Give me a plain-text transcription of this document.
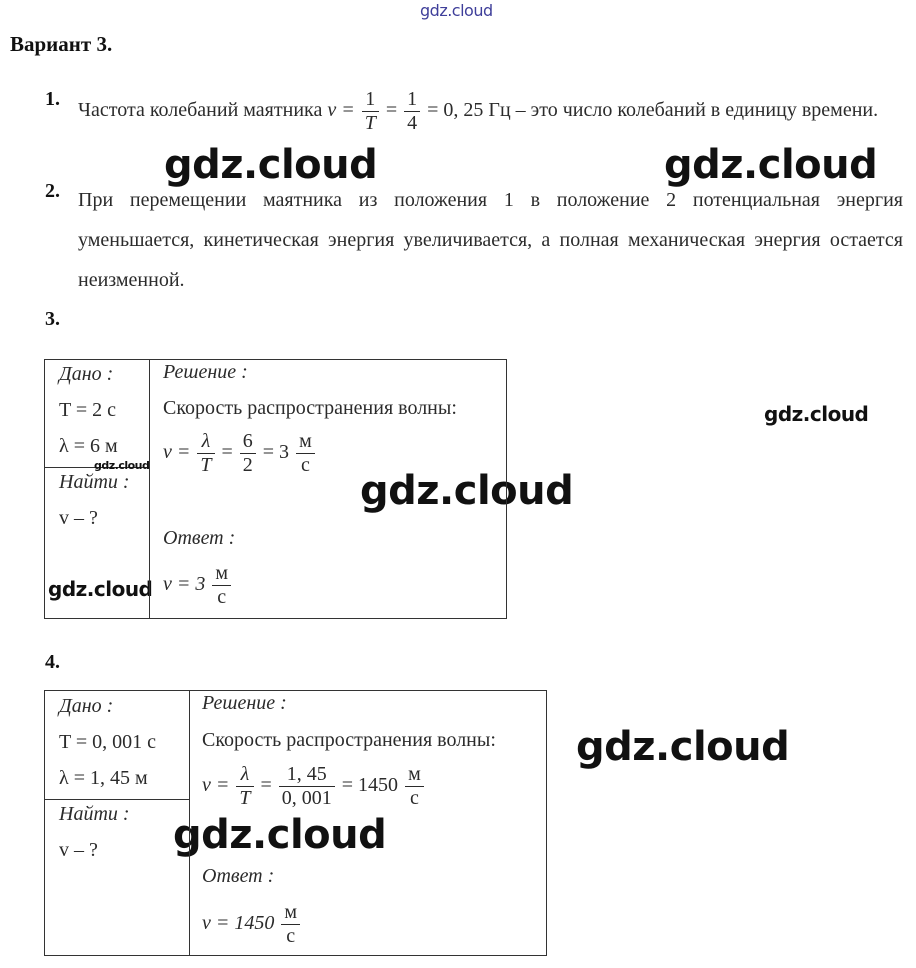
gdz.cloud
gdz.cloud	gdz.cloud
gdz.cloud
gdz.cloud
gdz.cloud
gdz.cloud
gdz.cloud
Вариант 3.
1.
Частота колебаний маятника $\nu = \frac{1}{T} = \frac{1}{4} = 0$, 25 Гц – это число колебаний в единицу времени.
2. При перемещении маятника из положения 1 в положение 2 потенциальная энергия уменьшается, кинетическая энергия увеличивается, а полная механическая энергия остается неизменной.
3.
Дано :
T = 2 с
λ = 6 м
gdz.cloud
Найти :
v – ?
Решение :
Скорость распространения волны:
$v = \frac{\lambda}{T} = \frac{6}{2} = 3 \frac{м}{с}$
Ответ :
$v = 3 \frac{м}{с}$
4.
Дано :
T = 0, 001 с
λ = 1, 45 м
Найти :
v – ?
Решение :
Скорость распространения волны:
$v = \frac{\lambda}{T} = \frac{1, 45}{0, 001} = 1450 \frac{м}{с}$
Ответ :
$v = 1450 \frac{м}{с}$
